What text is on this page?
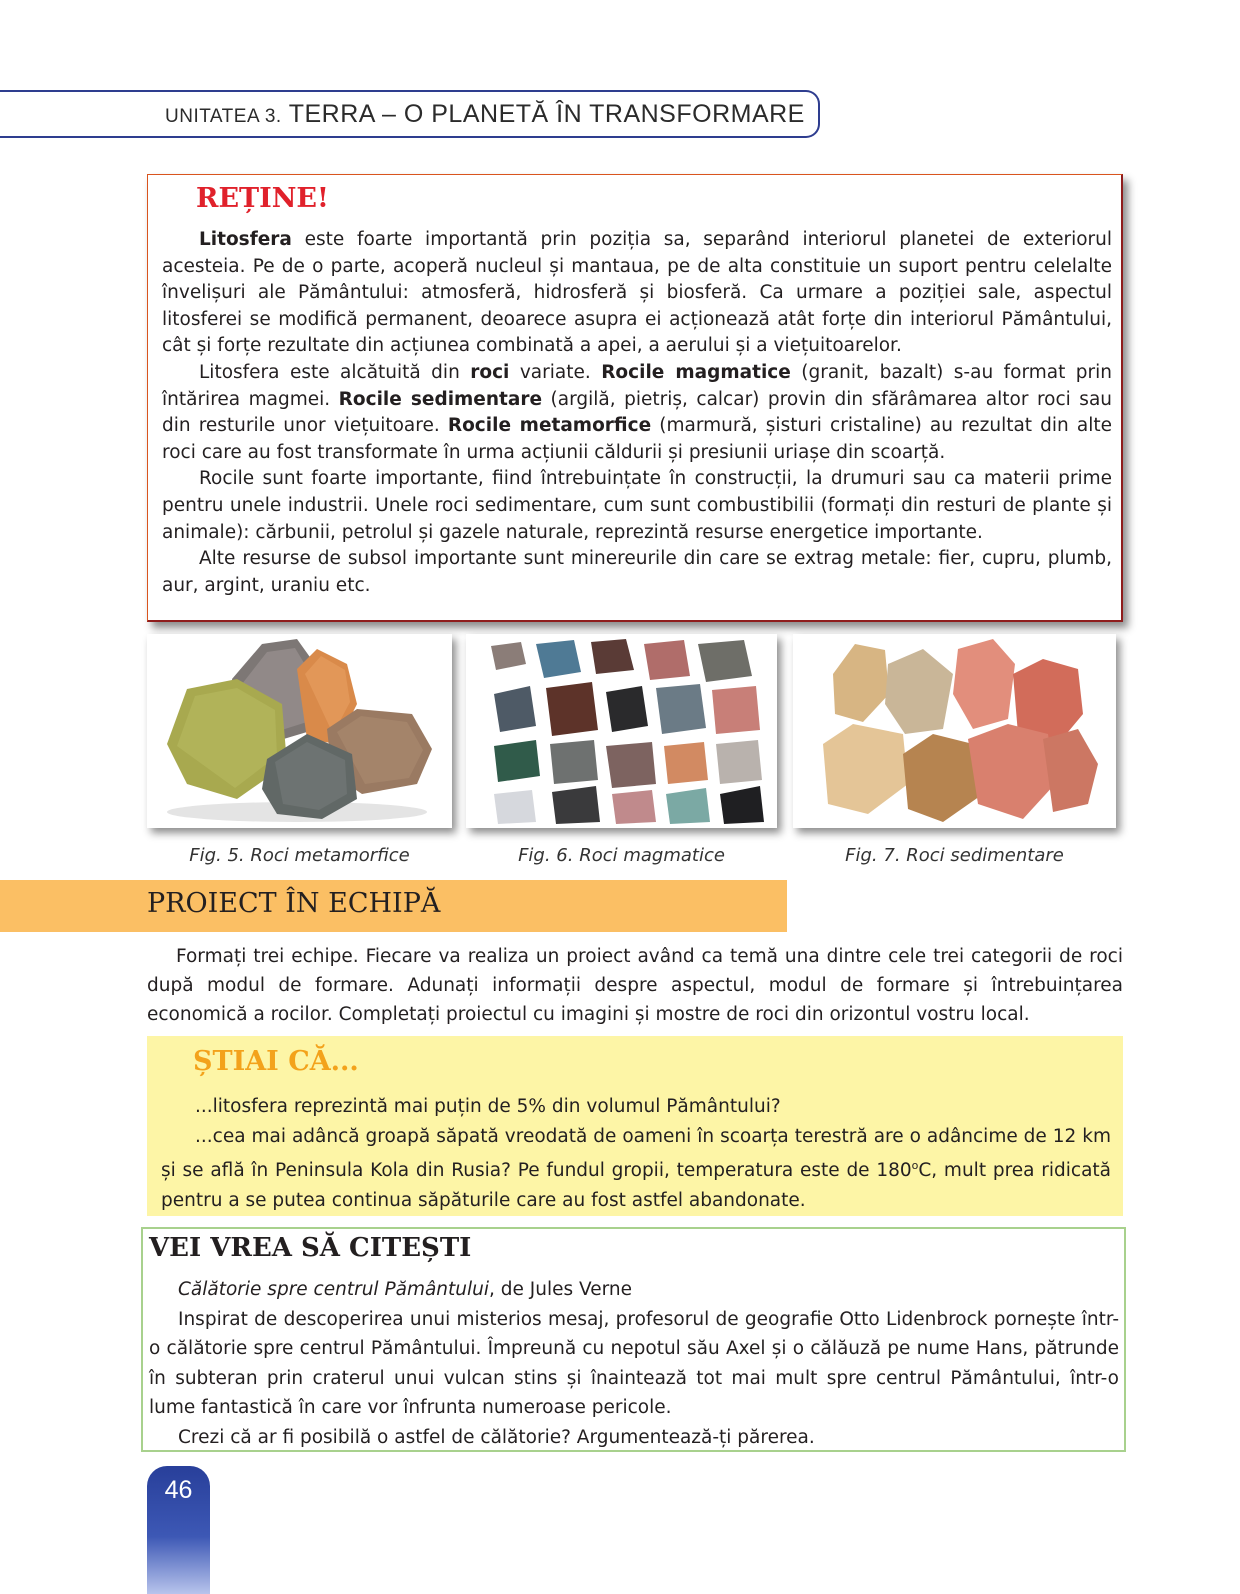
UNITATEA 3. TERRA – O PLANETĂ ÎN TRANSFORMARE
REȚINE!

Litosfera este foarte importantă prin poziția sa, separând interiorul planetei de exteriorul acesteia. Pe de o parte, acoperă nucleul și mantaua, pe de alta constituie un suport pentru celelalte învelișuri ale Pământului: atmosferă, hidrosferă și biosferă. Ca urmare a poziției sale, aspectul litosferei se modifică permanent, deoarece asupra ei acționează atât forțe din interiorul Pământului, cât și forțe rezultate din acțiunea combinată a apei, a aerului și a viețuitoarelor.

Litosfera este alcătuită din roci variate. Rocile magmatice (granit, bazalt) s-au format prin întărirea magmei. Rocile sedimentare (argilă, pietriș, calcar) provin din sfărâmarea altor roci sau din resturile unor viețuitoare. Rocile metamorfice (marmură, șisturi cristaline) au rezultat din alte roci care au fost transformate în urma acțiunii căldurii și presiunii uriașe din scoarță.

Rocile sunt foarte importante, fiind întrebuințate în construcții, la drumuri sau ca materii prime pentru unele industrii. Unele roci sedimentare, cum sunt combustibilii (formați din resturi de plante și animale): cărbunii, petrolul și gazele naturale, reprezintă resurse energetice importante.

Alte resurse de subsol importante sunt minereurile din care se extrag metale: fier, cupru, plumb, aur, argint, uraniu etc.

Fig. 5. Roci metamorfice	Fig. 6. Roci magmatice	Fig. 7. Roci sedimentare
PROIECT ÎN ECHIPĂ

Formați trei echipe. Fiecare va realiza un proiect având ca temă una dintre cele trei categorii de roci după modul de formare. Adunați informații despre aspectul, modul de formare și întrebuințarea economică a rocilor. Completați proiectul cu imagini și mostre de roci din orizontul vostru local.

ȘTIAI CĂ...

...litosfera reprezintă mai puțin de 5% din volumul Pământului?

...cea mai adâncă groapă săpată vreodată de oameni în scoarța terestră are o adâncime de 12 km și se află în Peninsula Kola din Rusia? Pe fundul gropii, temperatura este de 180$^o$C, mult prea ridicată pentru a se putea continua săpăturile care au fost astfel abandonate.

VEI VREA SĂ CITEȘTI

Călătorie spre centrul Pământului, de Jules Verne

Inspirat de descoperirea unui misterios mesaj, profesorul de geografie Otto Lidenbrock pornește într-o călătorie spre centrul Pământului. Împreună cu nepotul său Axel și o călăuză pe nume Hans, pătrunde în subteran prin craterul unui vulcan stins și înaintează tot mai mult spre centrul Pământului, într-o lume fantastică în care vor înfrunta numeroase pericole.

Crezi că ar fi posibilă o astfel de călătorie? Argumentează-ți părerea.

46
